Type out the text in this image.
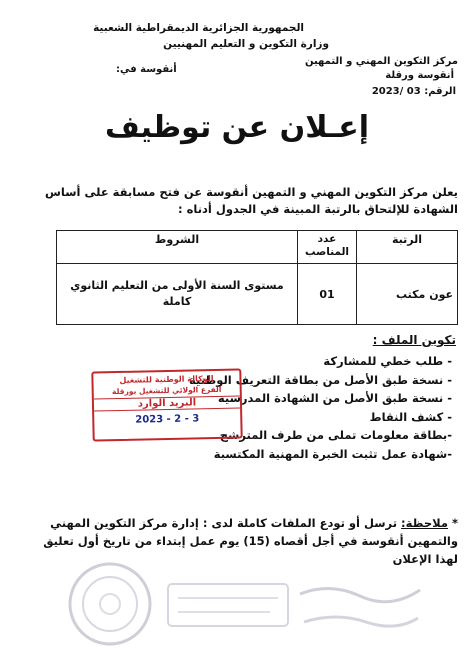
الجمهورية الجزائرية الديمقراطية الشعبية
وزارة التكوين و التعليم المهنيين
مركز التكوين المهني و التمهين
أنقوسة ورقلة
الرقم: 03 /2023
أنقوسة في:
إعـلان عن توظيف
يعلن مركز التكوين المهني و التمهين أنقوسة عن فتح مسابقة على أساس الشهادة للإلتحاق بالرتبة المبينة في الجدول أدناه :
الرتبة	عدد المناصب	الشروط
عون مكتب	01	مستوى السنة الأولى من التعليم الثانوي كاملة
تكوين الملف :
- طلب خطي للمشاركة
- نسخة طبق الأصل من بطاقة التعريف الوطنية
- نسخة طبق الأصل من الشهادة المدرسية
- كشف النقاط
-بطاقة معلومات تملى من طرف المترشح
-شهادة عمل تثبت الخبرة المهنية المكتسبة
الوكالة الوطنية للتشغيل
الفرع الولائي للتشغيل بورقلة
البريد الوارد
2023 - 2 - 3
* ملاحظة: ترسل أو تودع الملفات كاملة لدى : إدارة مركز التكوين المهني والتمهين أنقوسة في أجل أقصاه (15) يوم عمل إبتداء من تاريخ أول تعليق لهذا الإعلان
